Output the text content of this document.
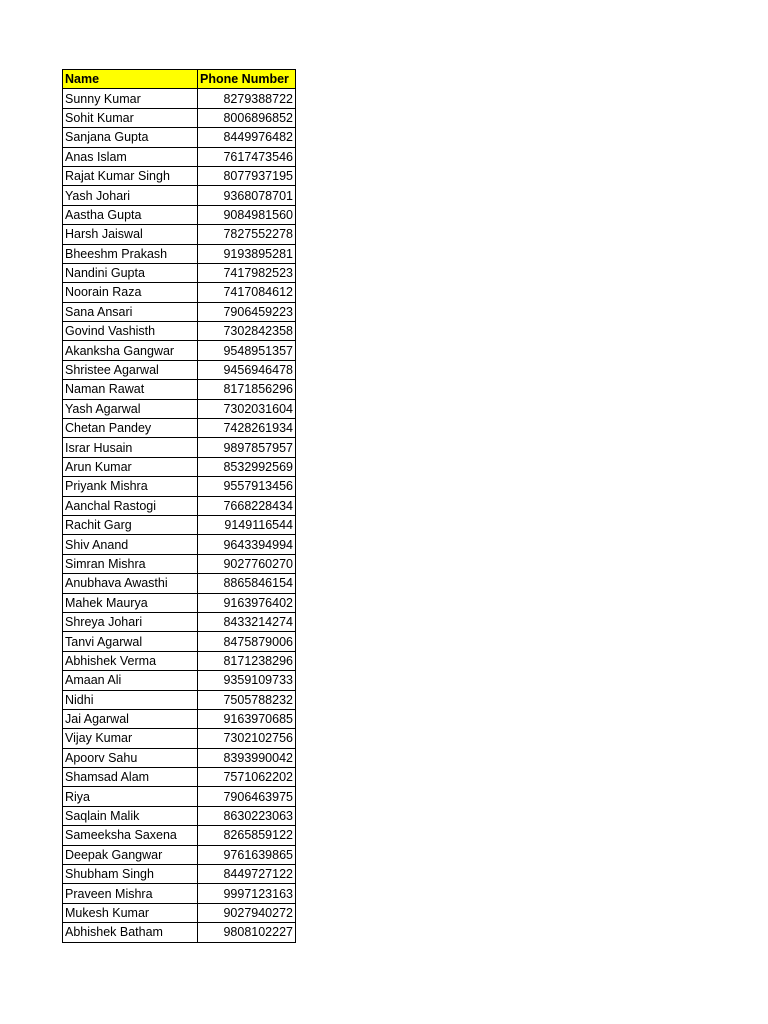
Name	Phone Number
Sunny Kumar	8279388722
Sohit Kumar	8006896852
Sanjana Gupta	8449976482
Anas Islam	7617473546
Rajat Kumar Singh	8077937195
Yash Johari	9368078701
Aastha Gupta	9084981560
Harsh Jaiswal	7827552278
Bheeshm Prakash	9193895281
Nandini Gupta	7417982523
Noorain Raza	7417084612
Sana Ansari	7906459223
Govind Vashisth	7302842358
Akanksha Gangwar	9548951357
Shristee Agarwal	9456946478
Naman Rawat	8171856296
Yash Agarwal	7302031604
Chetan Pandey	7428261934
Israr Husain	9897857957
Arun Kumar	8532992569
Priyank Mishra	9557913456
Aanchal Rastogi	7668228434
Rachit Garg	9149116544
Shiv Anand	9643394994
Simran Mishra	9027760270
Anubhava Awasthi	8865846154
Mahek Maurya	9163976402
Shreya Johari	8433214274
Tanvi Agarwal	8475879006
Abhishek Verma	8171238296
Amaan Ali	9359109733
Nidhi	7505788232
Jai Agarwal	9163970685
Vijay Kumar	7302102756
Apoorv Sahu	8393990042
Shamsad Alam	7571062202
Riya	7906463975
Saqlain Malik	8630223063
Sameeksha Saxena	8265859122
Deepak Gangwar	9761639865
Shubham Singh	8449727122
Praveen Mishra	9997123163
Mukesh Kumar	9027940272
Abhishek Batham	9808102227
